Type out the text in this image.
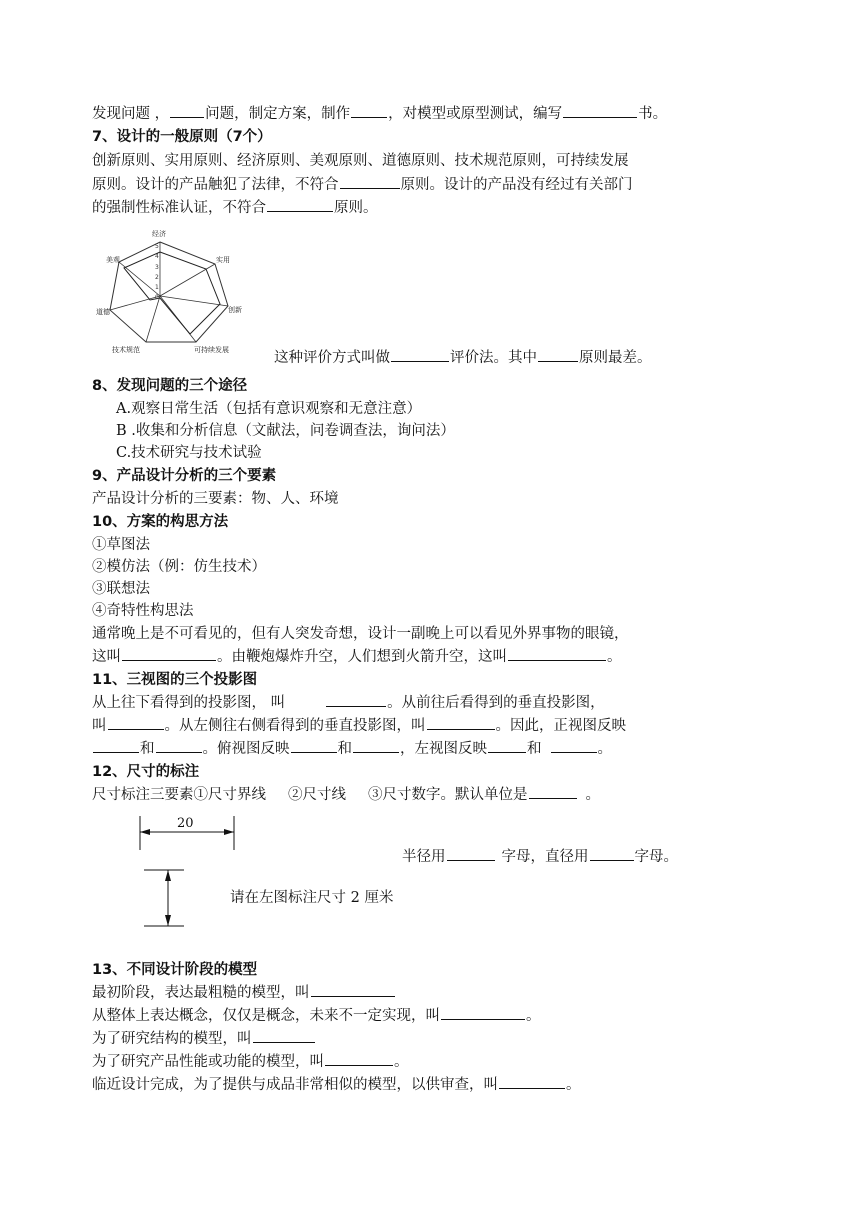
发现问题 ， 问题，制定方案，制作	，对模型或原型测试，编写	书。
7、设计的一般原则（7个）
创新原则、实用原则、经济原则、美观原则、道德原则、技术规范原则，可持续发展
原则。设计的产品触犯了法律，不符合	原则。设计的产品没有经过有关部门
的强制性标准认证，不符合	原则。
5
4
3
2
1
0
经济
实用
创新
可持续发展
技术规范
道德
美观
这种评价方式叫做	评价法。其中	原则最差。
8、发现问题的三个途径
A.观察日常生活（包括有意识观察和无意注意）
B .收集和分析信息（文献法，问卷调查法，询问法）
C.技术研究与技术试验
9、产品设计分析的三个要素
产品设计分析的三要素：物、人、环境
10、方案的构思方法
①草图法
②模仿法（例：仿生技术）
③联想法
④奇特性构思法
通常晚上是不可看见的，但有人突发奇想，设计一副晚上可以看见外界事物的眼镜，
这叫	。由鞭炮爆炸升空，人们想到火箭升空，这叫	。
11、三视图的三个投影图
从上往下看得到的投影图， 叫	。从前往后看得到的垂直投影图，
叫	。从左侧往右侧看得到的垂直投影图，叫	。因此，正视图反映
和	。俯视图反映	和	，左视图反映	和	。
12、尺寸的标注
尺寸标注三要素①尺寸界线 ②尺寸线 ③尺寸数字。默认单位是	。
20
半径用	字母，直径用	字母。
请在左图标注尺寸 2 厘米
13、不同设计阶段的模型
最初阶段，表达最粗糙的模型，叫
从整体上表达概念，仅仅是概念，未来不一定实现，叫	。
为了研究结构的模型，叫
为了研究产品性能或功能的模型，叫	。
临近设计完成，为了提供与成品非常相似的模型，以供审查，叫	。
